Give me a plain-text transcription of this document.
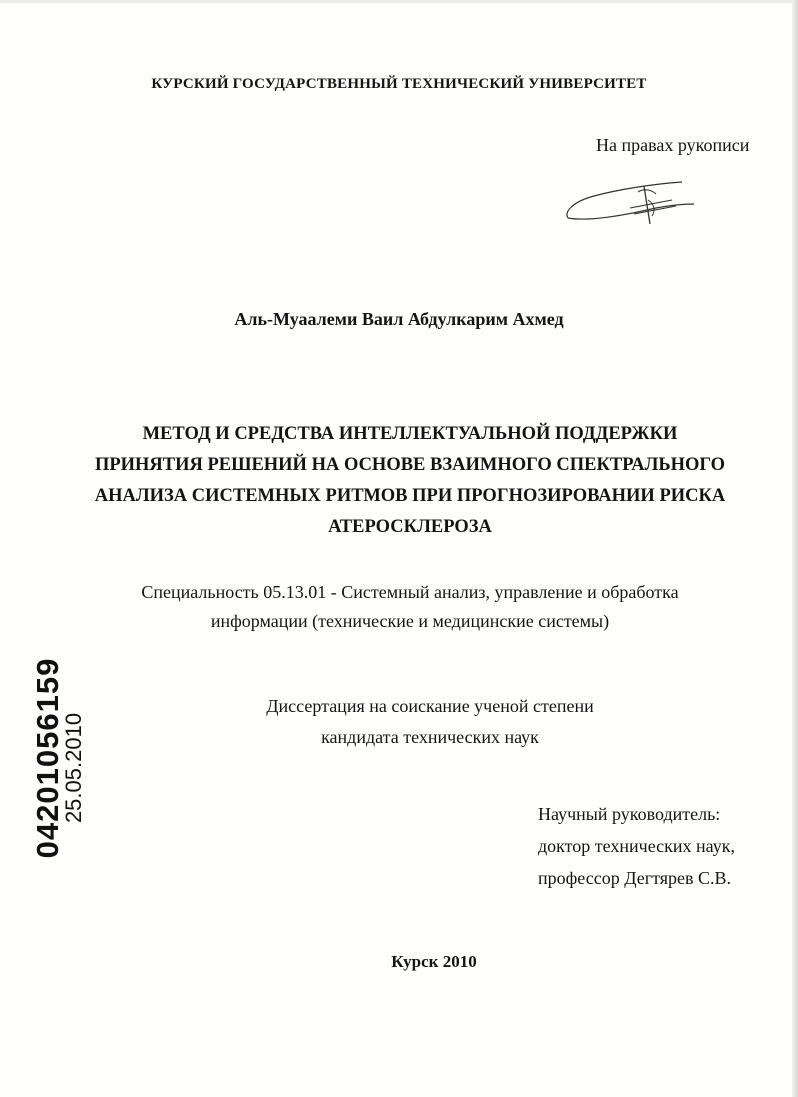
КУРСКИЙ ГОСУДАРСТВЕННЫЙ ТЕХНИЧЕСКИЙ УНИВЕРСИТЕТ
На правах рукописи
Аль-Муаалеми Ваил Абдулкарим Ахмед
МЕТОД И СРЕДСТВА ИНТЕЛЛЕКТУАЛЬНОЙ ПОДДЕРЖКИ
ПРИНЯТИЯ РЕШЕНИЙ НА ОСНОВЕ ВЗАИМНОГО СПЕКТРАЛЬНОГО
АНАЛИЗА СИСТЕМНЫХ РИТМОВ ПРИ ПРОГНОЗИРОВАНИИ РИСКА
АТЕРОСКЛЕРОЗА
Специальность 05.13.01 - Системный анализ, управление и обработка
информации (технические и медицинские системы)
Диссертация на соискание ученой степени
кандидата технических наук
Научный руководитель:
доктор технических наук,
профессор Дегтярев С.В.
Курск 2010
04201056159
25.05.2010
